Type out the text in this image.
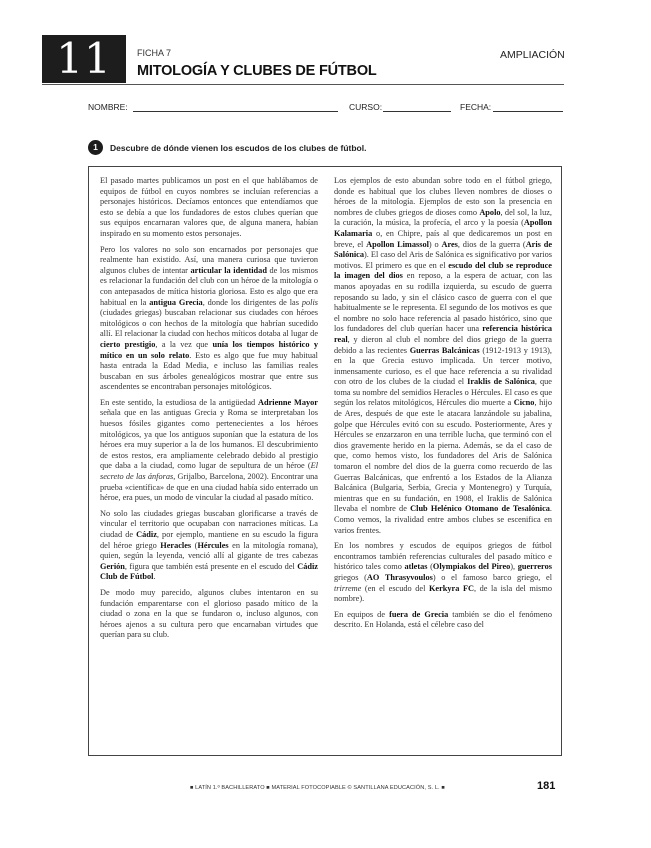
11	FICHA 7
MITOLOGÍA Y CLUBES DE FÚTBOL
AMPLIACIÓN
NOMBRE:	CURSO:	FECHA:
1	Descubre de dónde vienen los escudos de los clubes de fútbol.

El pasado martes publicamos un post en el que hablábamos de equipos de fútbol en cuyos nombres se incluían referencias a personajes históricos. Decíamos entonces que entendíamos que esto se debía a que los fundadores de estos clubes querían que sus equipos encarnaran valores que, de alguna manera, habían inspirado en su momento estos personajes.

Pero los valores no solo son encarnados por personajes que realmente han existido. Así, una manera curiosa que tuvieron algunos clubes de intentar articular la identidad de los mismos es relacionar la fundación del club con un héroe de la mitología o con antepasados de mítica historia gloriosa. Esto es algo que era habitual en la antigua Grecia, donde los dirigentes de las polis (ciudades griegas) buscaban relacionar sus ciudades con héroes mitológicos o con hechos de la mitología que habrían sucedido allí. El relacionar la ciudad con hechos míticos dotaba al lugar de cierto prestigio, a la vez que unía los tiempos histórico y mítico en un solo relato. Esto es algo que fue muy habitual hasta entrada la Edad Media, e incluso las familias reales buscaban en sus árboles genealógicos mostrar que entre sus ascendentes se encontraban personajes mitológicos.

En este sentido, la estudiosa de la antigüedad Adrienne Mayor señala que en las antiguas Grecia y Roma se interpretaban los huesos fósiles gigantes como pertenecientes a los héroes mitológicos, ya que los antiguos suponían que la estatura de los héroes era muy superior a la de los humanos. El descubrimiento de estos restos, era ampliamente celebrado debido al prestigio que daba a la ciudad, como lugar de sepultura de un héroe (El secreto de las ánforas, Grijalbo, Barcelona, 2002). Encontrar una prueba «científica» de que en una ciudad había sido enterrado un héroe, era pues, un modo de vincular la ciudad al pasado mítico.

No solo las ciudades griegas buscaban glorificarse a través de vincular el territorio que ocupaban con narraciones míticas. La ciudad de Cádiz, por ejemplo, mantiene en su escudo la figura del héroe griego Heracles (Hércules en la mitología romana), quien, según la leyenda, venció allí al gigante de tres cabezas Gerión, figura que también está presente en el escudo del Cádiz Club de Fútbol.

De modo muy parecido, algunos clubes intentaron en su fundación emparentarse con el glorioso pasado mítico de la ciudad o zona en la que se fundaron o, incluso algunos, con héroes ajenos a su cultura pero que encarnaban virtudes que querían para su club.

Los ejemplos de esto abundan sobre todo en el fútbol griego, donde es habitual que los clubes lleven nombres de dioses o héroes de la mitología. Ejemplos de esto son la presencia en nombres de clubes griegos de dioses como Apolo, del sol, la luz, la curación, la música, la profecía, el arco y la poesía (Apollon Kalamaria o, en Chipre, país al que dedicaremos un post en breve, el Apollon Limassol) o Ares, dios de la guerra (Aris de Salónica). El caso del Aris de Salónica es significativo por varios motivos. El primero es que en el escudo del club se reproduce la imagen del dios en reposo, a la espera de actuar, con las manos apoyadas en su rodilla izquierda, su escudo de guerra reposando su lado, y sin el clásico casco de guerra con el que habitualmente se le representa. El segundo de los motivos es que el nombre no solo hace referencia al pasado histórico, sino que los fundadores del club querían hacer una referencia histórica real, y dieron al club el nombre del dios griego de la guerra debido a las recientes Guerras Balcánicas (1912-1913 y 1913), en la que Grecia estuvo implicada. Un tercer motivo, inmensamente curioso, es el que hace referencia a su rivalidad con otro de los clubes de la ciudad el Iraklis de Salónica, que toma su nombre del semidios Heracles o Hércules. El caso es que según los relatos mitológicos, Hércules dio muerte a Cicno, hijo de Ares, después de que este le atacara lanzándole su jabalina, golpe que Hércules evitó con su escudo. Posteriormente, Ares y Hércules se enzarzaron en una terrible lucha, que terminó con el dios gravemente herido en la pierna. Además, se da el caso de que, como hemos visto, los fundadores del Aris de Salónica tomaron el nombre del dios de la guerra como recuerdo de las Guerras Balcánicas, que enfrentó a los Estados de la Alianza Balcánica (Bulgaria, Serbia, Grecia y Montenegro) y Turquía, mientras que en su fundación, en 1908, el Iraklis de Salónica llevaba el nombre de Club Helénico Otomano de Tesalónica. Como vemos, la rivalidad entre ambos clubes se escenifica en varios frentes.

En los nombres y escudos de equipos griegos de fútbol encontramos también referencias culturales del pasado mítico e histórico tales como atletas (Olympiakos del Pireo), guerreros griegos (AO Thrasyvoulos) o el famoso barco griego, el trirreme (en el escudo del Kerkyra FC, de la isla del mismo nombre).

En equipos de fuera de Grecia también se dio el fenómeno descrito. En Holanda, está el célebre caso del

■ LATÍN 1.º BACHILLERATO ■ MATERIAL FOTOCOPIABLE © SANTILLANA EDUCACIÓN, S. L. ■	181
